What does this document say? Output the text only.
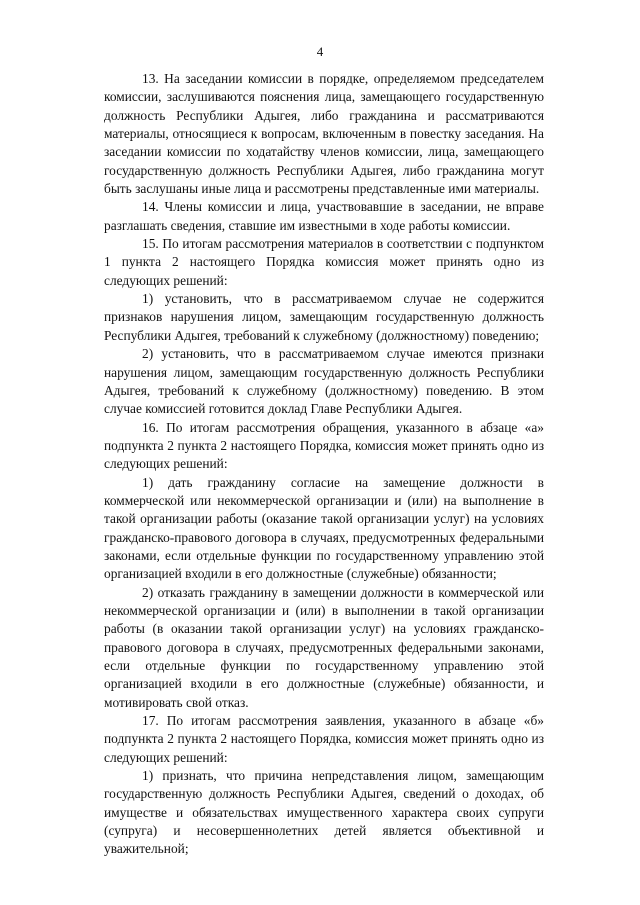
4

13. На заседании комиссии в порядке, определяемом председателем комиссии, заслушиваются пояснения лица, замещающего государственную должность Республики Адыгея, либо гражданина и рассматриваются материалы, относящиеся к вопросам, включенным в повестку заседания. На заседании комиссии по ходатайству членов комиссии, лица, замещающего государственную должность Республики Адыгея, либо гражданина могут быть заслушаны иные лица и рассмотрены представленные ими материалы.

14. Члены комиссии и лица, участвовавшие в заседании, не вправе разглашать сведения, ставшие им известными в ходе работы комиссии.

15. По итогам рассмотрения материалов в соответствии с подпунктом 1 пункта 2 настоящего Порядка комиссия может принять одно из следующих решений:

1) установить, что в рассматриваемом случае не содержится признаков нарушения лицом, замещающим государственную должность Республики Адыгея, требований к служебному (должностному) поведению;

2) установить, что в рассматриваемом случае имеются признаки нарушения лицом, замещающим государственную должность Республики Адыгея, требований к служебному (должностному) поведению. В этом случае комиссией готовится доклад Главе Республики Адыгея.

16. По итогам рассмотрения обращения, указанного в абзаце «а» подпункта 2 пункта 2 настоящего Порядка, комиссия может принять одно из следующих решений:

1) дать гражданину согласие на замещение должности в коммерческой или некоммерческой организации и (или) на выполнение в такой организации работы (оказание такой организации услуг) на условиях гражданско-правового договора в случаях, предусмотренных федеральными законами, если отдельные функции по государственному управлению этой организацией входили в его должностные (служебные) обязанности;

2) отказать гражданину в замещении должности в коммерческой или некоммерческой организации и (или) в выполнении в такой организации работы (в оказании такой организации услуг) на условиях гражданско-правового договора в случаях, предусмотренных федеральными законами, если отдельные функции по государственному управлению этой организацией входили в его должностные (служебные) обязанности, и мотивировать свой отказ.

17. По итогам рассмотрения заявления, указанного в абзаце «б» подпункта 2 пункта 2 настоящего Порядка, комиссия может принять одно из следующих решений:

1) признать, что причина непредставления лицом, замещающим государственную должность Республики Адыгея, сведений о доходах, об имуществе и обязательствах имущественного характера своих супруги (супруга) и несовершеннолетних детей является объективной и уважительной;
